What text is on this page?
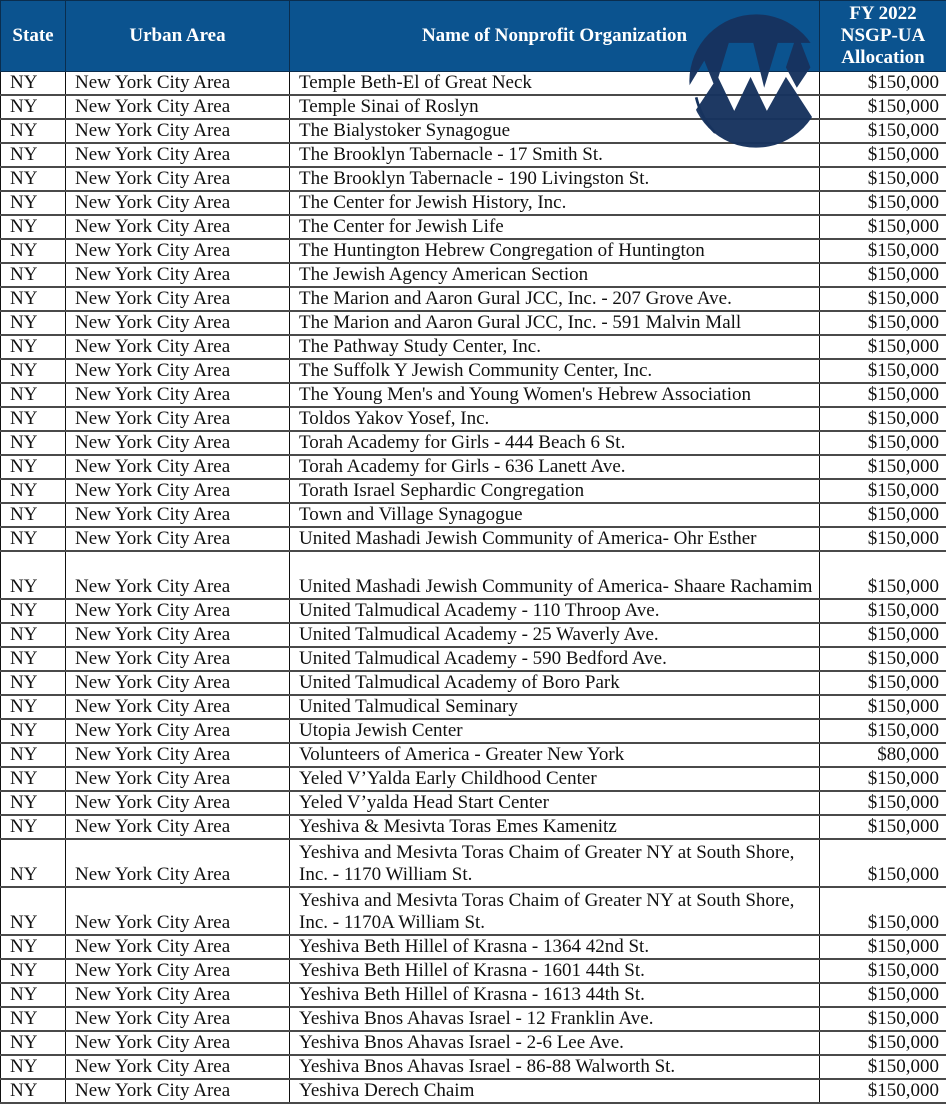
State	Urban Area	Name of Nonprofit Organization	FY 2022
NSGP-UA
Allocation

NY	New York City Area	Temple Beth-El of Great Neck	$150,000
NY	New York City Area	Temple Sinai of Roslyn	$150,000
NY	New York City Area	The Bialystoker Synagogue	$150,000
NY	New York City Area	The Brooklyn Tabernacle - 17 Smith St.	$150,000
NY	New York City Area	The Brooklyn Tabernacle - 190 Livingston St.	$150,000
NY	New York City Area	The Center for Jewish History, Inc.	$150,000
NY	New York City Area	The Center for Jewish Life	$150,000
NY	New York City Area	The Huntington Hebrew Congregation of Huntington	$150,000
NY	New York City Area	The Jewish Agency American Section	$150,000
NY	New York City Area	The Marion and Aaron Gural JCC, Inc. - 207 Grove Ave.	$150,000
NY	New York City Area	The Marion and Aaron Gural JCC, Inc. - 591 Malvin Mall	$150,000
NY	New York City Area	The Pathway Study Center, Inc.	$150,000
NY	New York City Area	The Suffolk Y Jewish Community Center, Inc.	$150,000
NY	New York City Area	The Young Men's and Young Women's Hebrew Association	$150,000
NY	New York City Area	Toldos Yakov Yosef, Inc.	$150,000
NY	New York City Area	Torah Academy for Girls - 444 Beach 6 St.	$150,000
NY	New York City Area	Torah Academy for Girls - 636 Lanett Ave.	$150,000
NY	New York City Area	Torath Israel Sephardic Congregation	$150,000
NY	New York City Area	Town and Village Synagogue	$150,000
NY	New York City Area	United Mashadi Jewish Community of America- Ohr Esther	$150,000
NY	New York City Area	United Mashadi Jewish Community of America- Shaare Rachamim	$150,000
NY	New York City Area	United Talmudical Academy - 110 Throop Ave.	$150,000
NY	New York City Area	United Talmudical Academy - 25 Waverly Ave.	$150,000
NY	New York City Area	United Talmudical Academy - 590 Bedford Ave.	$150,000
NY	New York City Area	United Talmudical Academy of Boro Park	$150,000
NY	New York City Area	United Talmudical Seminary	$150,000
NY	New York City Area	Utopia Jewish Center	$150,000
NY	New York City Area	Volunteers of America - Greater New York	$80,000
NY	New York City Area	Yeled V’Yalda Early Childhood Center	$150,000
NY	New York City Area	Yeled V’yalda Head Start Center	$150,000
NY	New York City Area	Yeshiva & Mesivta Toras Emes Kamenitz	$150,000
NY	New York City Area	Yeshiva and Mesivta Toras Chaim of Greater NY at South Shore, Inc. - 1170 William St.	$150,000
NY	New York City Area	Yeshiva and Mesivta Toras Chaim of Greater NY at South Shore, Inc. - 1170A William St.	$150,000
NY	New York City Area	Yeshiva Beth Hillel of Krasna - 1364 42nd St.	$150,000
NY	New York City Area	Yeshiva Beth Hillel of Krasna - 1601 44th St.	$150,000
NY	New York City Area	Yeshiva Beth Hillel of Krasna - 1613 44th St.	$150,000
NY	New York City Area	Yeshiva Bnos Ahavas Israel - 12 Franklin Ave.	$150,000
NY	New York City Area	Yeshiva Bnos Ahavas Israel - 2-6 Lee Ave.	$150,000
NY	New York City Area	Yeshiva Bnos Ahavas Israel - 86-88 Walworth St.	$150,000
NY	New York City Area	Yeshiva Derech Chaim	$150,000
